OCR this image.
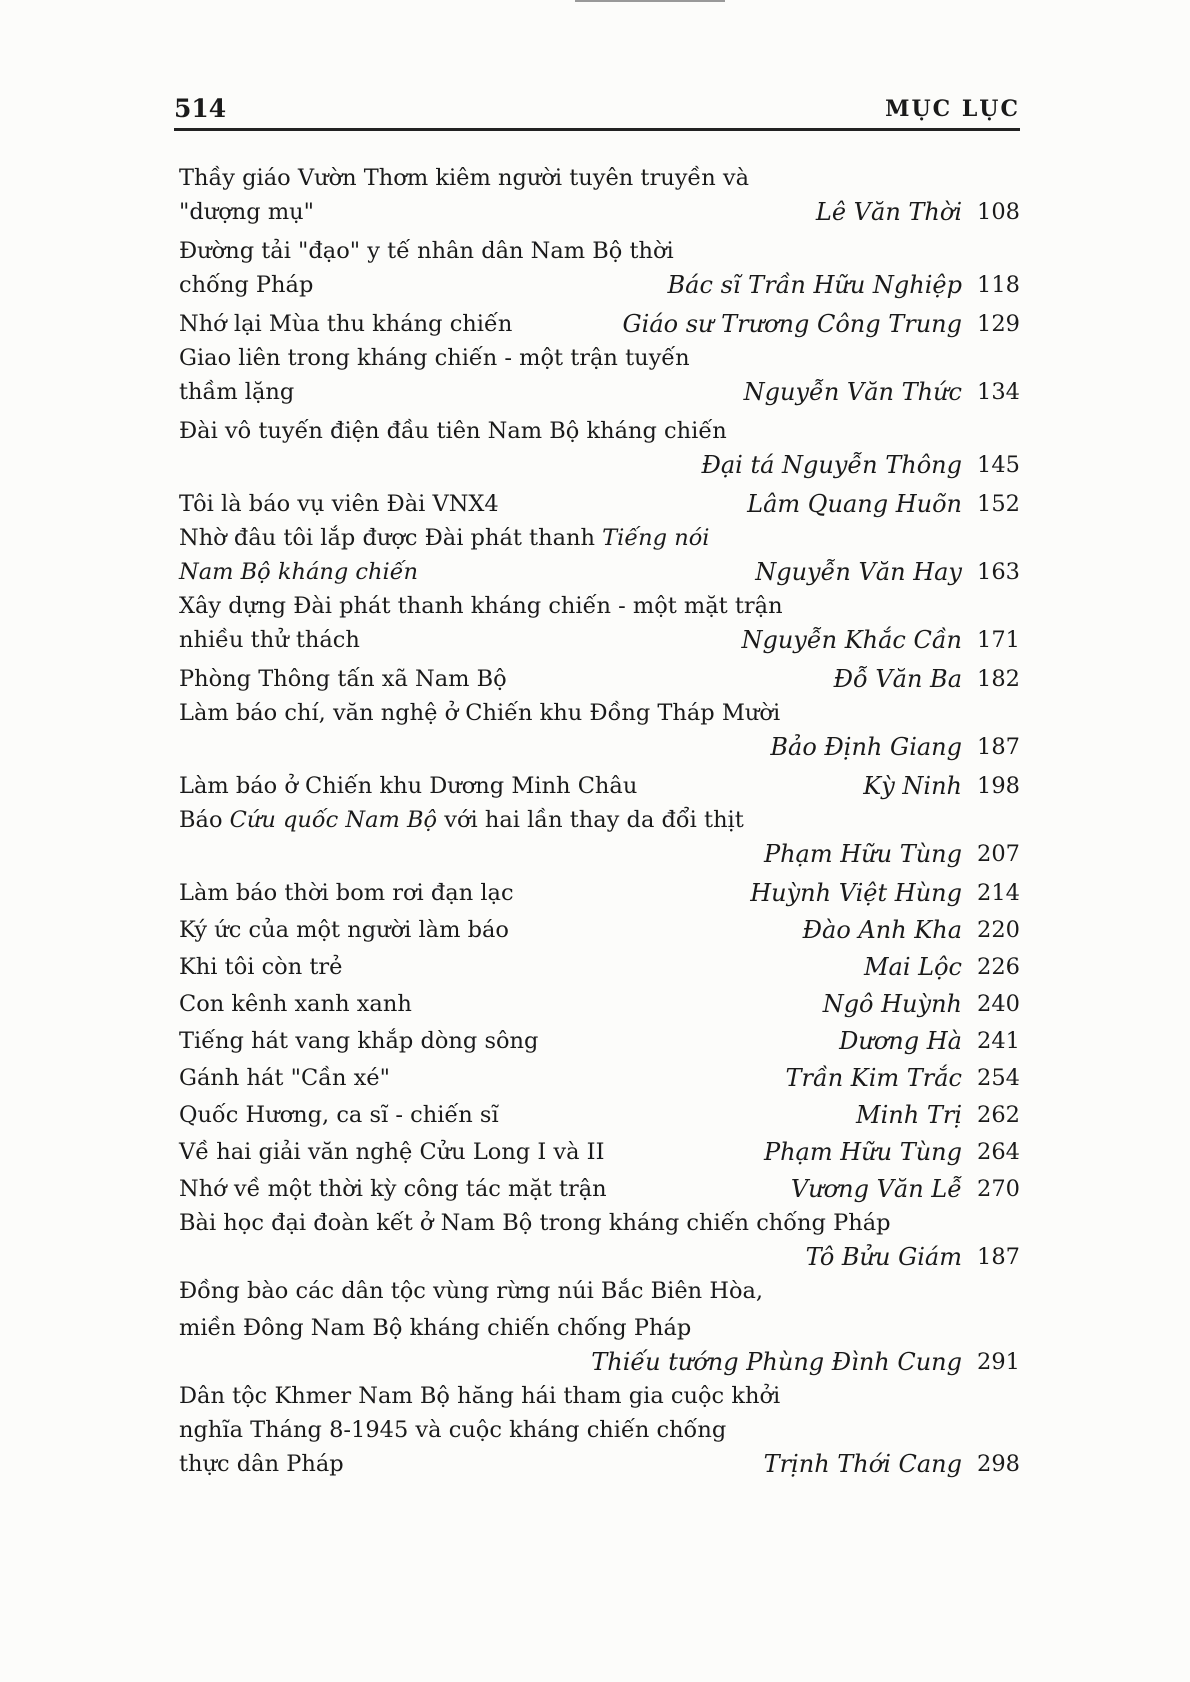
514	MỤC LỤC
Thầy giáo Vườn Thơm kiêm người tuyên truyền và
"dượng mụ"	Lê Văn Thời 108
Đường tải "đạo" y tế nhân dân Nam Bộ thời
chống Pháp	Bác sĩ Trần Hữu Nghiệp 118
Nhớ lại Mùa thu kháng chiến	Giáo sư Trương Công Trung 129
Giao liên trong kháng chiến - một trận tuyến
thầm lặng	Nguyễn Văn Thức 134
Đài vô tuyến điện đầu tiên Nam Bộ kháng chiến
Đại tá Nguyễn Thông 145
Tôi là báo vụ viên Đài VNX4	Lâm Quang Huõn 152
Nhờ đâu tôi lắp được Đài phát thanh Tiếng nói
Nam Bộ kháng chiến	Nguyễn Văn Hay 163
Xây dựng Đài phát thanh kháng chiến - một mặt trận
nhiều thử thách	Nguyễn Khắc Cần 171
Phòng Thông tấn xã Nam Bộ	Đỗ Văn Ba 182
Làm báo chí, văn nghệ ở Chiến khu Đồng Tháp Mười
Bảo Định Giang 187
Làm báo ở Chiến khu Dương Minh Châu	Kỳ Ninh 198
Báo Cứu quốc Nam Bộ với hai lần thay da đổi thịt
Phạm Hữu Tùng 207
Làm báo thời bom rơi đạn lạc	Huỳnh Việt Hùng 214
Ký ức của một người làm báo	Đào Anh Kha 220
Khi tôi còn trẻ	Mai Lộc 226
Con kênh xanh xanh	Ngô Huỳnh 240
Tiếng hát vang khắp dòng sông	Dương Hà 241
Gánh hát "Cần xé"	Trần Kim Trắc 254
Quốc Hương, ca sĩ - chiến sĩ	Minh Trị 262
Về hai giải văn nghệ Cửu Long I và II	Phạm Hữu Tùng 264
Nhớ về một thời kỳ công tác mặt trận	Vương Văn Lễ 270
Bài học đại đoàn kết ở Nam Bộ trong kháng chiến chống Pháp
Tô Bửu Giám 187
Đồng bào các dân tộc vùng rừng núi Bắc Biên Hòa,
miền Đông Nam Bộ kháng chiến chống Pháp
Thiếu tướng Phùng Đình Cung 291
Dân tộc Khmer Nam Bộ hăng hái tham gia cuộc khởi
nghĩa Tháng 8-1945 và cuộc kháng chiến chống
thực dân Pháp	Trịnh Thới Cang 298
